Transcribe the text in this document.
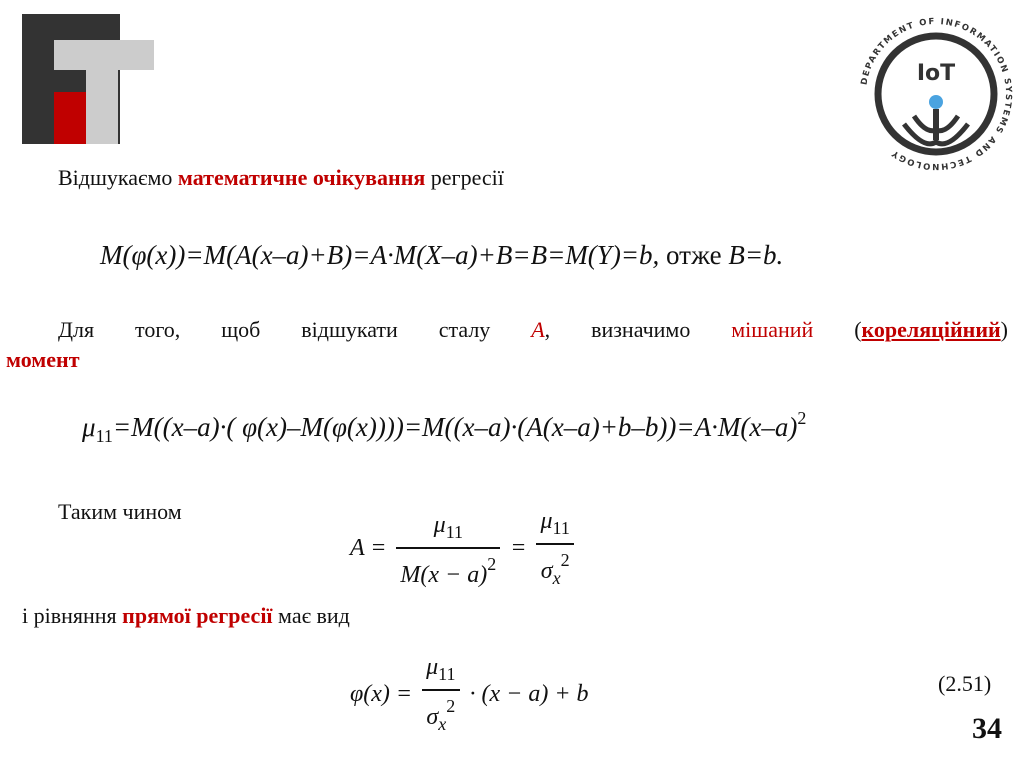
DEPARTMENT OF INFORMATION SYSTEMS AND TECHNOLOGY
IoT
Відшукаємо математичне очікування регресії
M(φ(x))=M(A(x–a)+B)=A·M(X–a)+B=B=M(Y)=b, отже B=b.
Для того, щоб відшукати сталу A, визначимо мішаний (кореляційний)
момент
$\mu_{11}=M((x-a)\cdot$( $\varphi(x)-M(\varphi(x))))=M((x-a)\cdot(A(x-a)+b-b))=A\cdot M(x-a)^2$
Таким чином
$A = \frac{\mu_{11}}{M(x - a)^2} = \frac{\mu_{11}}{\sigma_x^2}$
і рівняння прямої регресії має вид
$\varphi(x) = \frac{\mu_{11}}{\sigma_x^2} \cdot (x - a) + b$	(2.51)
34
